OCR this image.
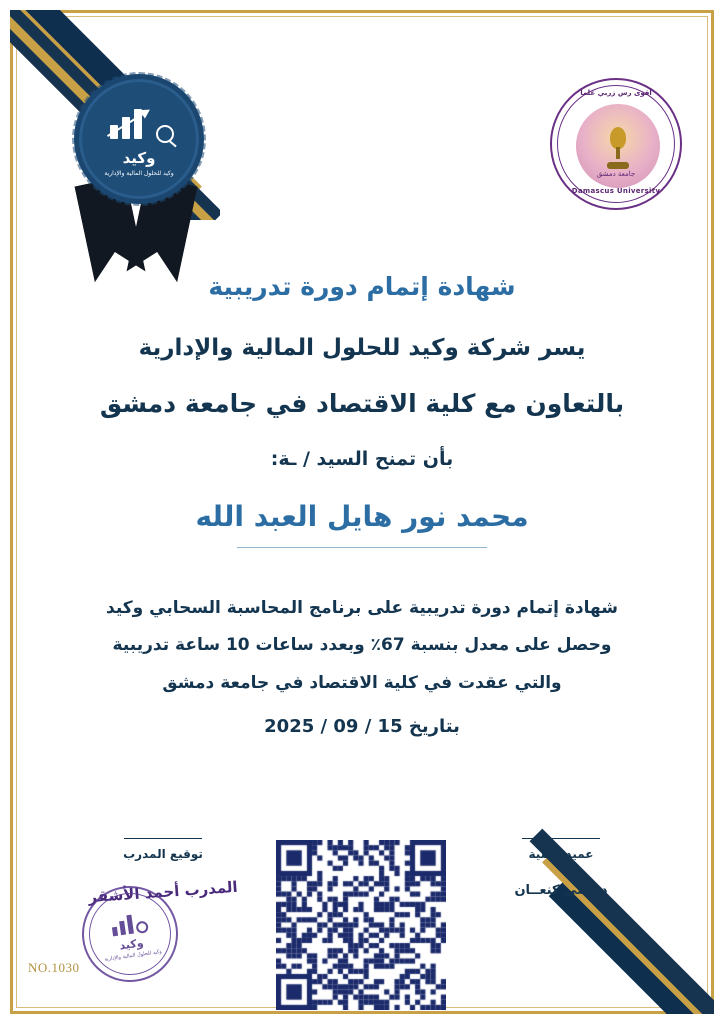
وكيد
وكيد للحلول المالية والإدارية
أقوى رس زربي علما
جامعة دمشق
Damascus University
شهادة إتمام دورة تدريبية
يسر شركة وكيد للحلول المالية والإدارية
بالتعاون مع كلية الاقتصاد في جامعة دمشق
بأن تمنح السيد / ـة:
محمد نور هايل العبد الله
شهادة إتمام دورة تدريبية على برنامج المحاسبة السحابي وكيد
وحصل على معدل بنسبة 67٪ وبعدد ساعات 10 ساعة تدريبية
والتي عقدت في كلية الاقتصاد في جامعة دمشق
بتاريخ 15 / 09 / 2025
عميد الكلية
د. علي كنعــان
توقيع المدرب
المدرب أحمد الأشقر
وكيد
وكيد للحلول المالية والإدارية
NO.1030
